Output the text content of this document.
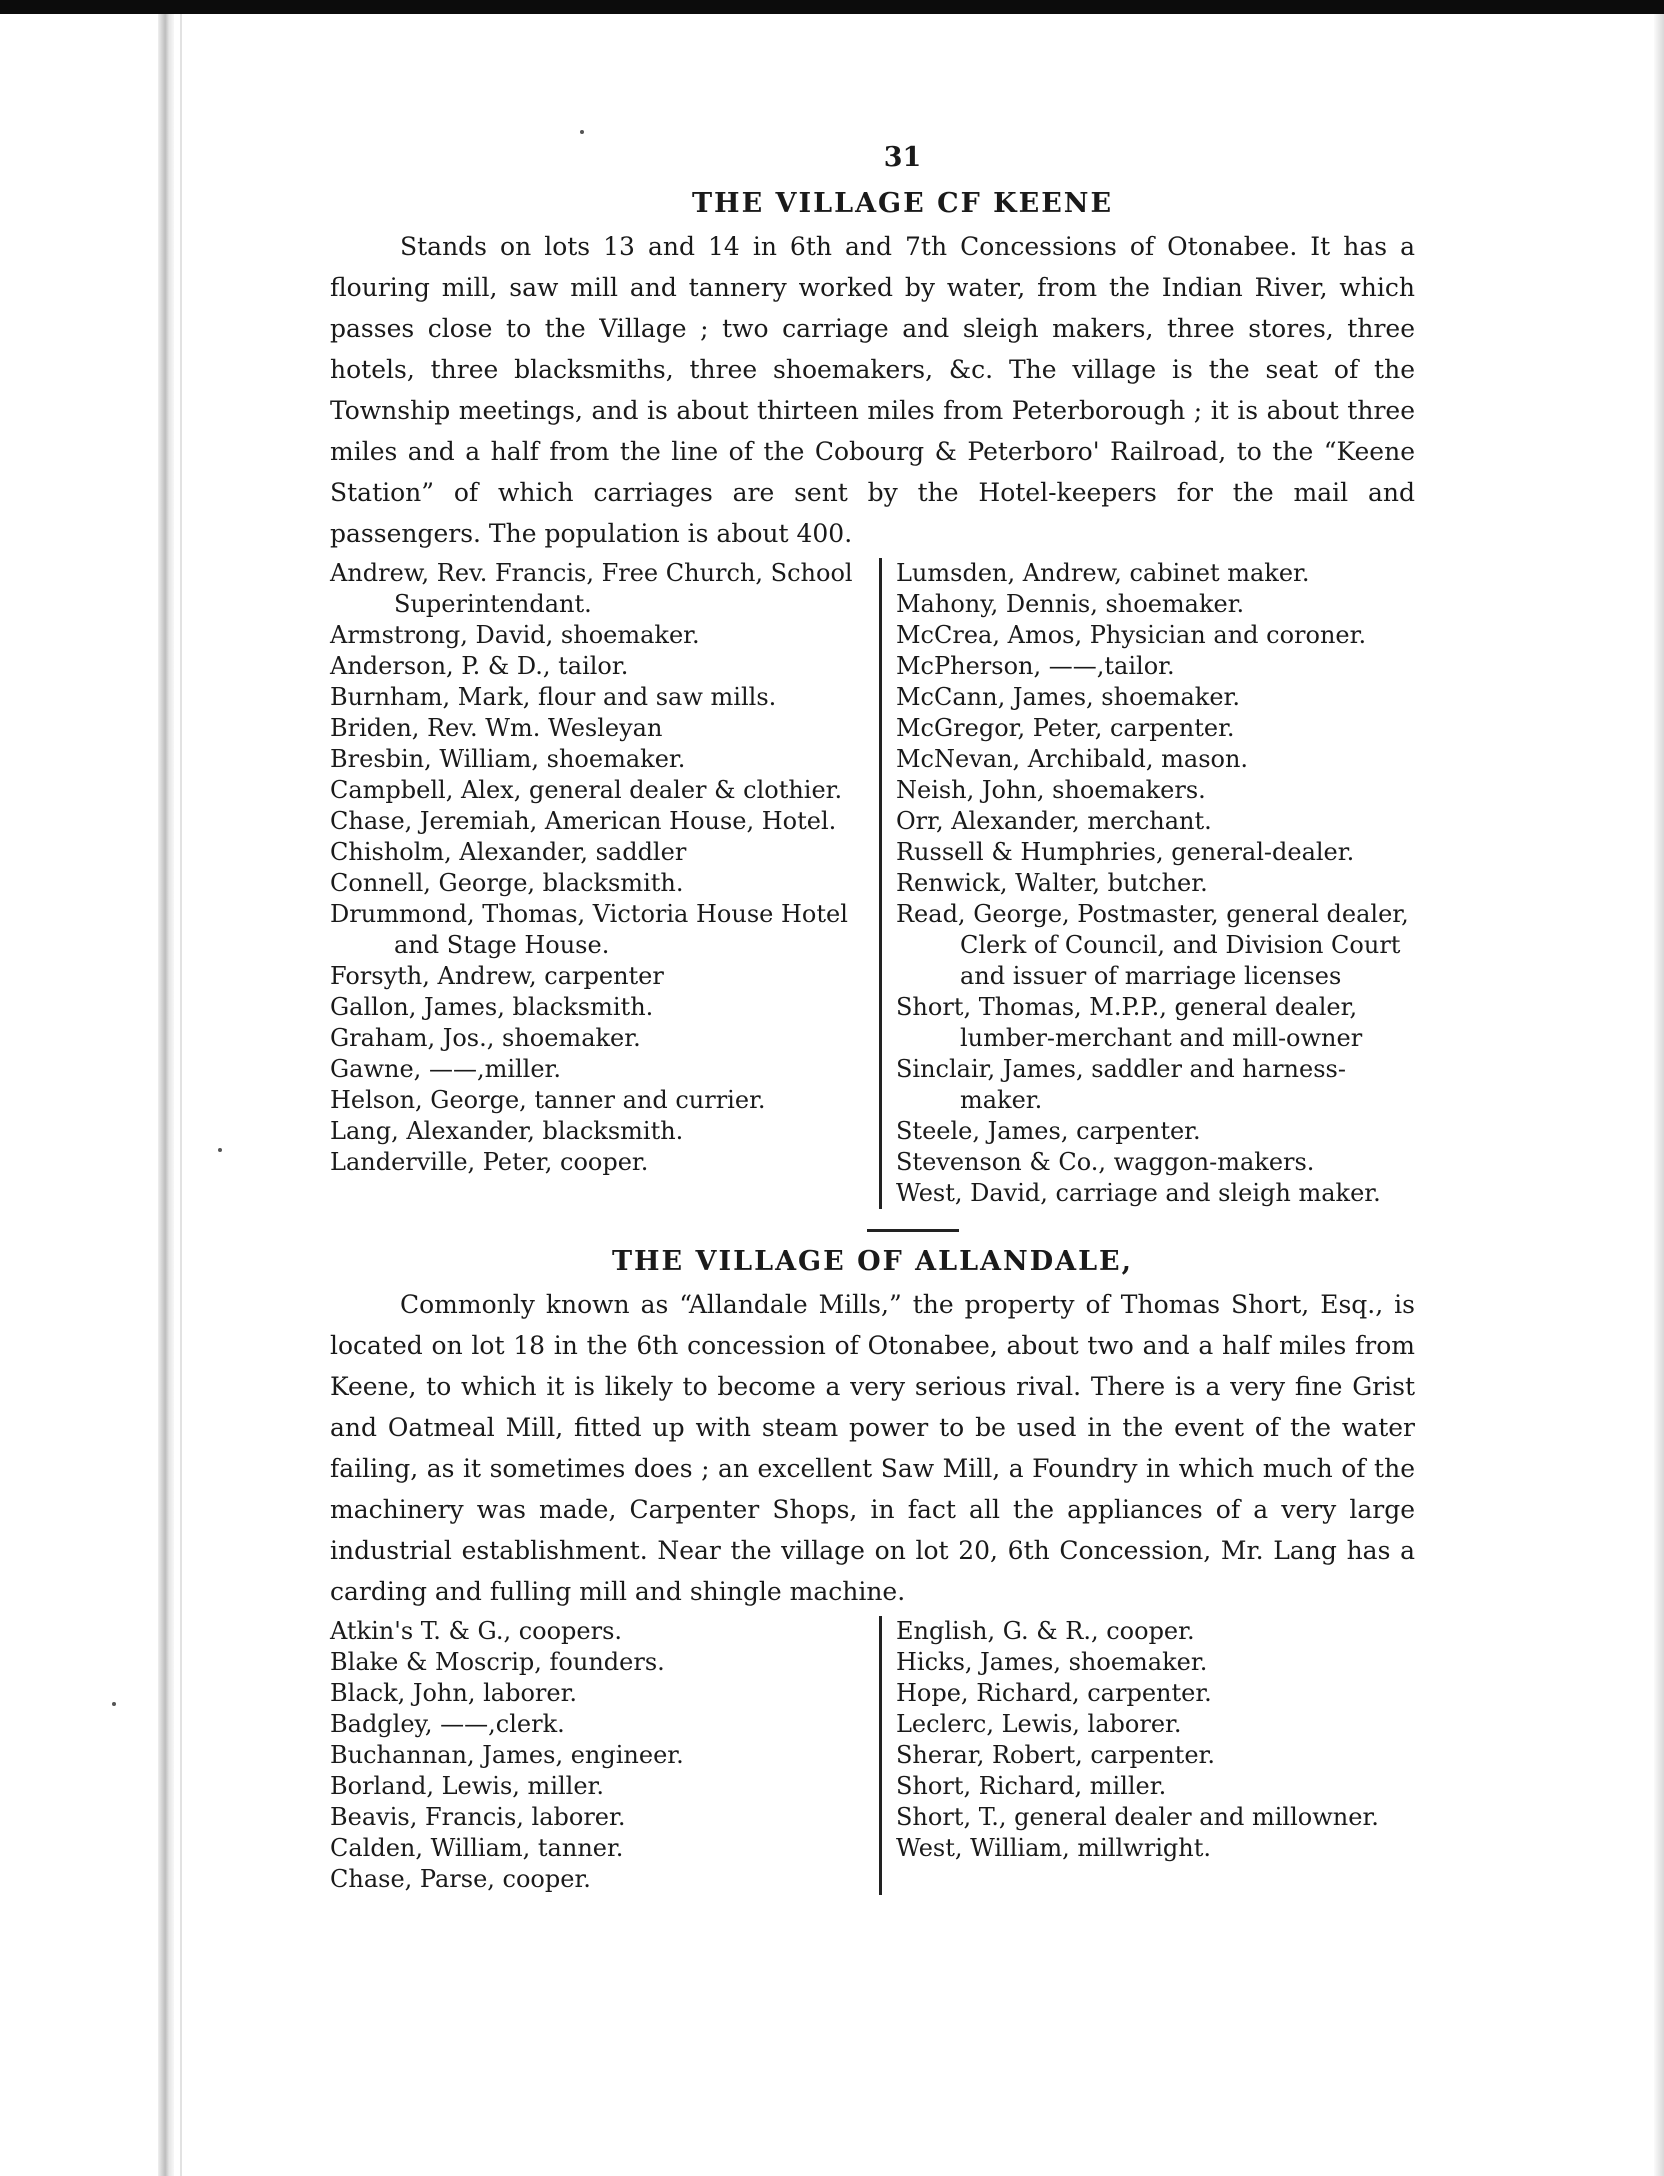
31
THE VILLAGE CF KEENE

Stands on lots 13 and 14 in 6th and 7th Concessions of Otonabee. It has a flouring mill, saw mill and tannery worked by water, from the Indian River, which passes close to the Village ; two carriage and sleigh makers, three stores, three hotels, three blacksmiths, three shoemakers, &c. The village is the seat of the Township meetings, and is about thirteen miles from Peterborough ; it is about three miles and a half from the line of the Cobourg & Peterboro' Railroad, to the “Keene Station” of which carriages are sent by the Hotel-keepers for the mail and passengers. The population is about 400.

Andrew, Rev. Francis, Free Church, School Superintendant.
Armstrong, David, shoemaker.
Anderson, P. & D., tailor.
Burnham, Mark, flour and saw mills.
Briden, Rev. Wm. Wesleyan
Bresbin, William, shoemaker.
Campbell, Alex, general dealer & clothier.
Chase, Jeremiah, American House, Hotel.
Chisholm, Alexander, saddler
Connell, George, blacksmith.
Drummond, Thomas, Victoria House Hotel and Stage House.
Forsyth, Andrew, carpenter
Gallon, James, blacksmith.
Graham, Jos., shoemaker.
Gawne, ——,miller.
Helson, George, tanner and currier.
Lang, Alexander, blacksmith.
Landerville, Peter, cooper.
Lumsden, Andrew, cabinet maker.
Mahony, Dennis, shoemaker.
McCrea, Amos, Physician and coroner.
McPherson, ——,tailor.
McCann, James, shoemaker.
McGregor, Peter, carpenter.
McNevan, Archibald, mason.
Neish, John, shoemakers.
Orr, Alexander, merchant.
Russell & Humphries, general-dealer.
Renwick, Walter, butcher.
Read, George, Postmaster, general dealer, Clerk of Council, and Division Court and issuer of marriage licenses
Short, Thomas, M.P.P., general dealer, lumber-merchant and mill-owner
Sinclair, James, saddler and harness-maker.
Steele, James, carpenter.
Stevenson & Co., waggon-makers.
West, David, carriage and sleigh maker.
THE VILLAGE OF ALLANDALE,

Commonly known as “Allandale Mills,” the property of Thomas Short, Esq., is located on lot 18 in the 6th concession of Otonabee, about two and a half miles from Keene, to which it is likely to become a very serious rival. There is a very fine Grist and Oatmeal Mill, fitted up with steam power to be used in the event of the water failing, as it sometimes does ; an excellent Saw Mill, a Foundry in which much of the machinery was made, Carpenter Shops, in fact all the appliances of a very large industrial establishment. Near the village on lot 20, 6th Concession, Mr. Lang has a carding and fulling mill and shingle machine.

Atkin's T. & G., coopers.
Blake & Moscrip, founders.
Black, John, laborer.
Badgley, ——,clerk.
Buchannan, James, engineer.
Borland, Lewis, miller.
Beavis, Francis, laborer.
Calden, William, tanner.
Chase, Parse, cooper.
English, G. & R., cooper.
Hicks, James, shoemaker.
Hope, Richard, carpenter.
Leclerc, Lewis, laborer.
Sherar, Robert, carpenter.
Short, Richard, miller.
Short, T., general dealer and millowner.
West, William, millwright.
